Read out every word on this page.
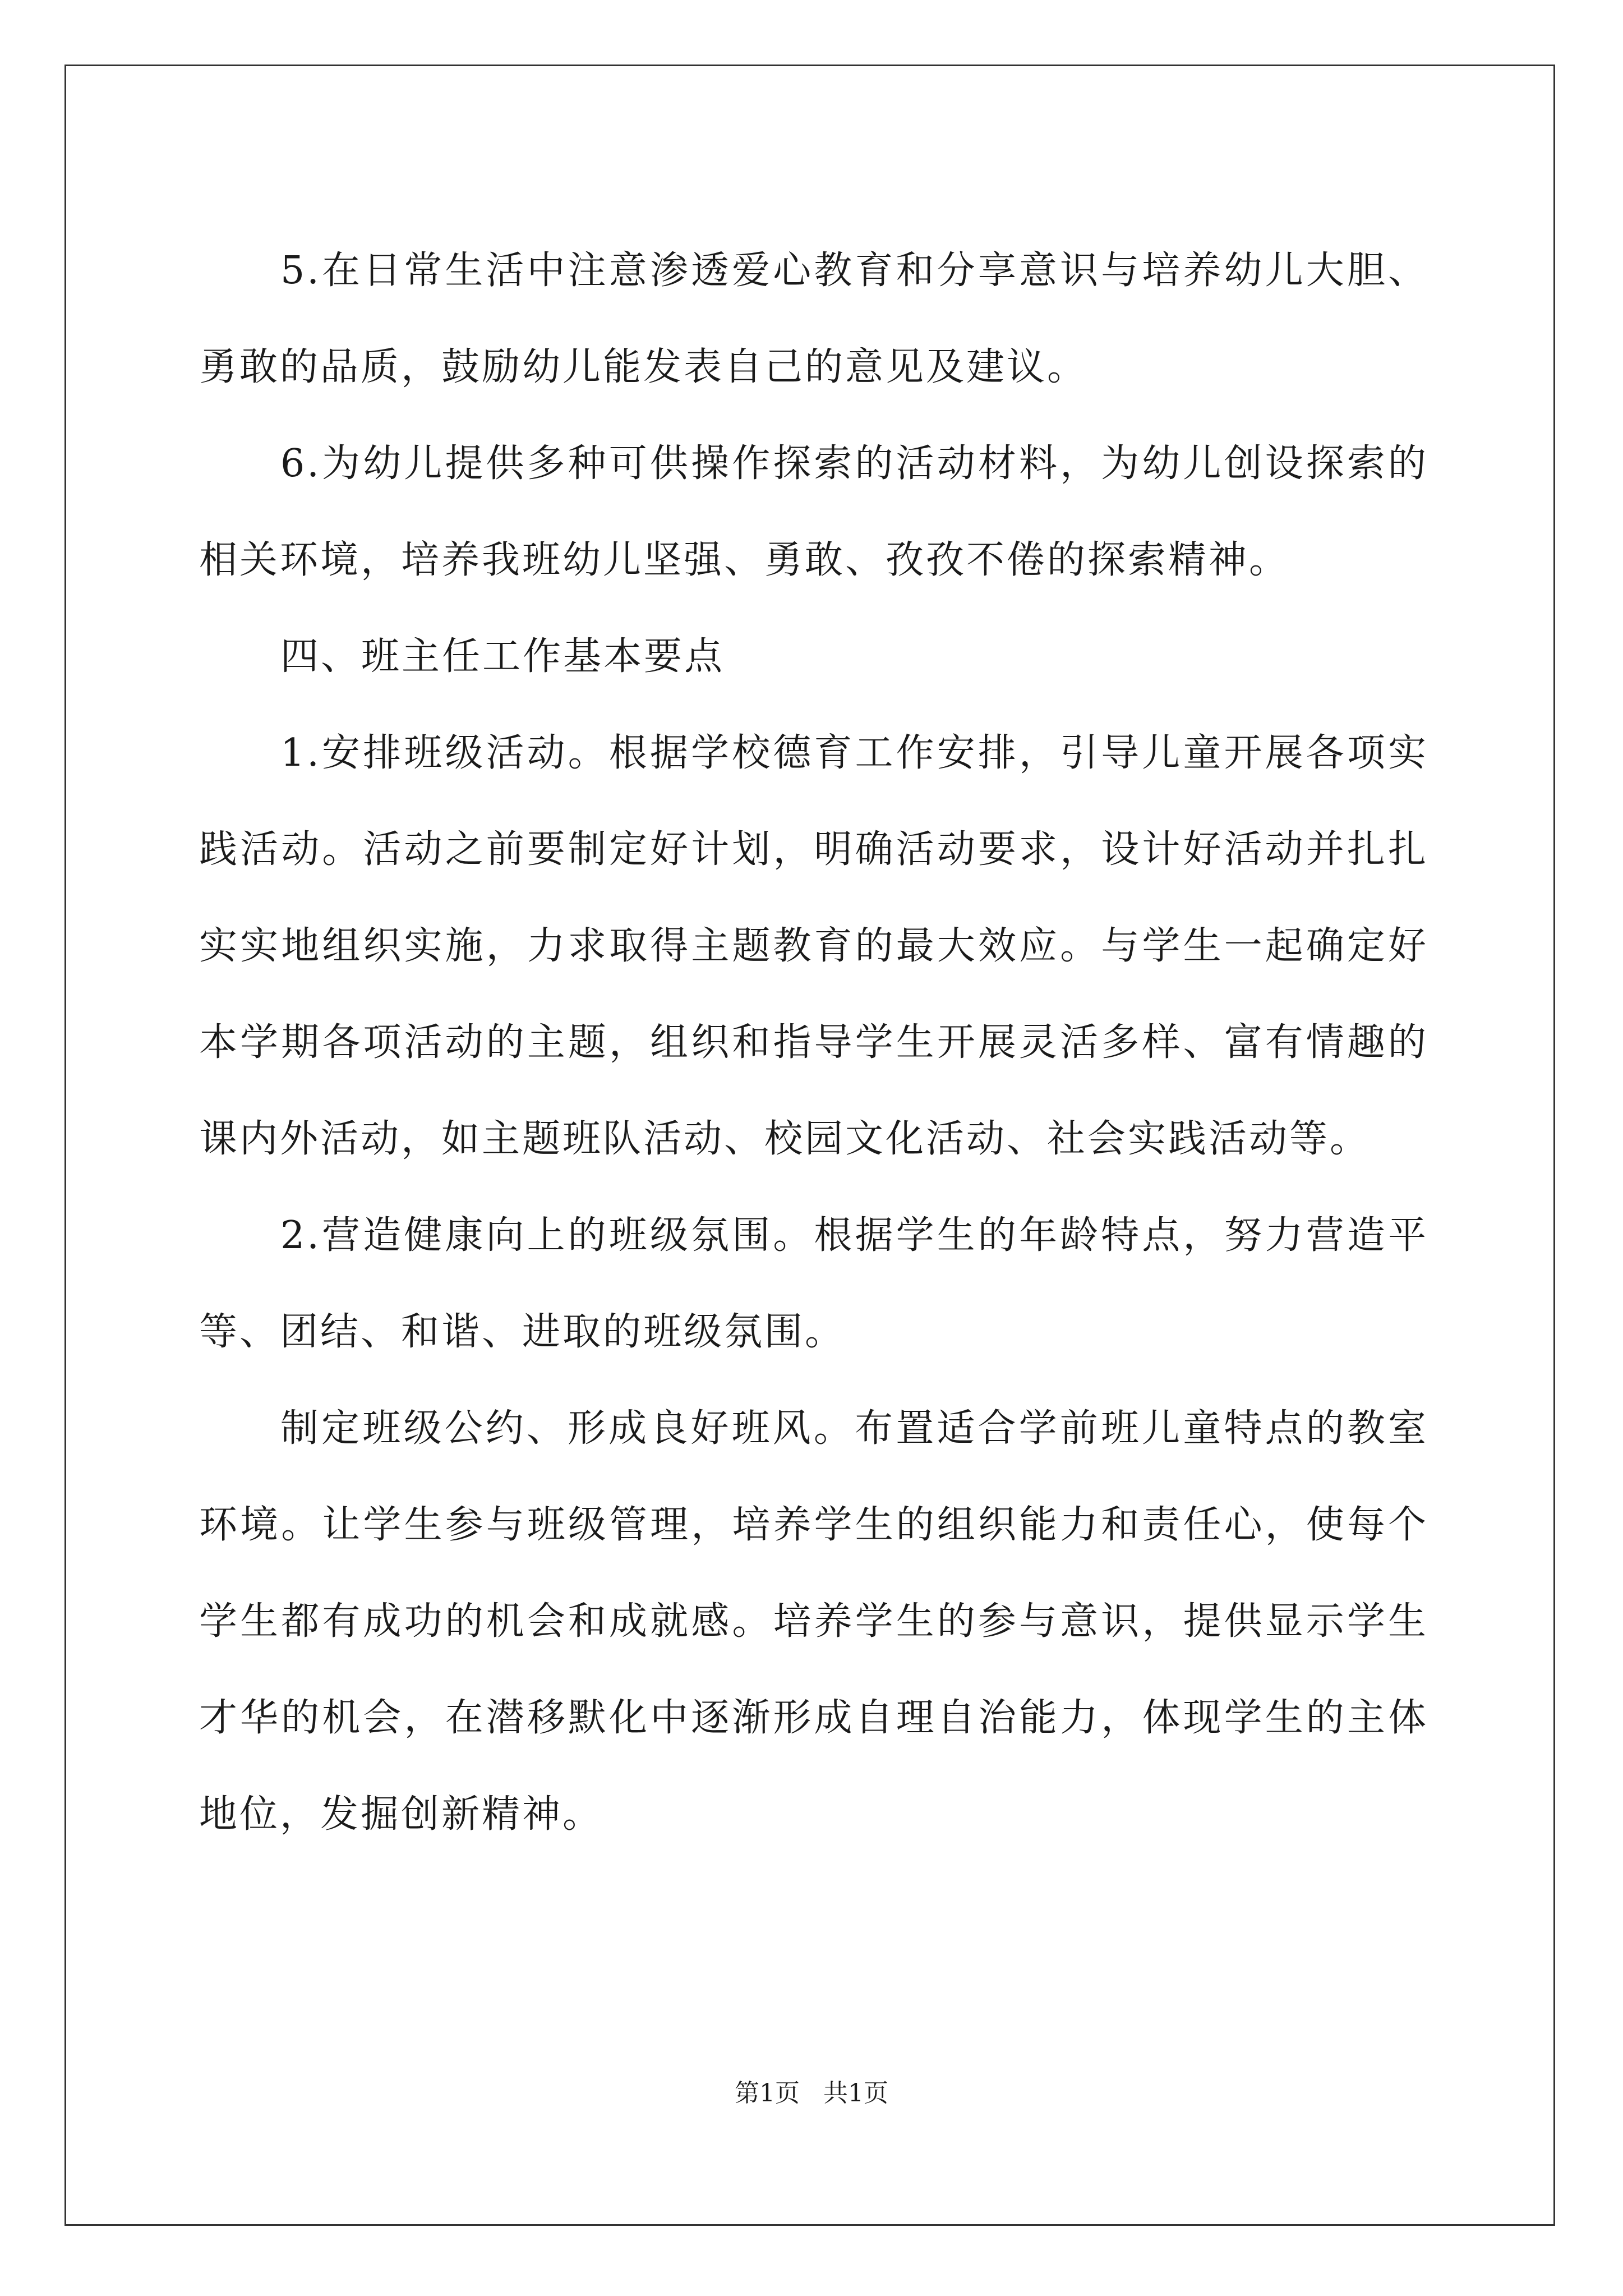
5.在日常生活中注意渗透爱心教育和分享意识与培养幼儿大胆、勇敢的品质，鼓励幼儿能发表自己的意见及建议。

6.为幼儿提供多种可供操作探索的活动材料，为幼儿创设探索的相关环境，培养我班幼儿坚强、勇敢、孜孜不倦的探索精神。

四、班主任工作基本要点

1.安排班级活动。根据学校德育工作安排，引导儿童开展各项实践活动。活动之前要制定好计划，明确活动要求，设计好活动并扎扎实实地组织实施，力求取得主题教育的最大效应。与学生一起确定好本学期各项活动的主题，组织和指导学生开展灵活多样、富有情趣的课内外活动，如主题班队活动、校园文化活动、社会实践活动等。

2.营造健康向上的班级氛围。根据学生的年龄特点，努力营造平等、团结、和谐、进取的班级氛围。

制定班级公约、形成良好班风。布置适合学前班儿童特点的教室环境。让学生参与班级管理，培养学生的组织能力和责任心，使每个学生都有成功的机会和成就感。培养学生的参与意识，提供显示学生才华的机会，在潜移默化中逐渐形成自理自治能力，体现学生的主体地位，发掘创新精神。

第1页   共1页
